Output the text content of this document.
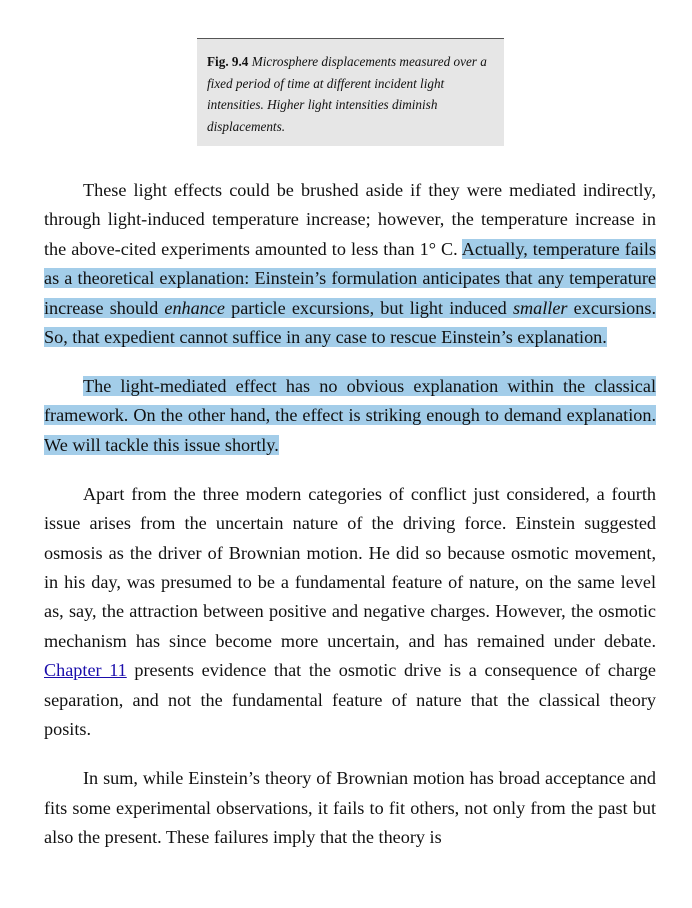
Fig. 9.4 Microsphere displacements measured over a fixed period of time at different incident light intensities. Higher light intensities diminish displacements.

These light effects could be brushed aside if they were mediated indirectly, through light-induced temperature increase; however, the temperature increase in the above-cited experiments amounted to less than 1° C. Actually, temperature fails as a theoretical explanation: Einstein’s formulation anticipates that any temperature increase should enhance particle excursions, but light induced smaller excursions. So, that expedient cannot suffice in any case to rescue Einstein’s explanation.

The light-mediated effect has no obvious explanation within the classical framework. On the other hand, the effect is striking enough to demand explanation. We will tackle this issue shortly.

Apart from the three modern categories of conflict just considered, a fourth issue arises from the uncertain nature of the driving force. Einstein suggested osmosis as the driver of Brownian motion. He did so because osmotic movement, in his day, was presumed to be a fundamental feature of nature, on the same level as, say, the attraction between positive and negative charges. However, the osmotic mechanism has since become more uncertain, and has remained under debate. Chapter 11 presents evidence that the osmotic drive is a consequence of charge separation, and not the fundamental feature of nature that the classical theory posits.

In sum, while Einstein’s theory of Brownian motion has broad acceptance and fits some experimental observations, it fails to fit others, not only from the past but also the present. These failures imply that the theory is
